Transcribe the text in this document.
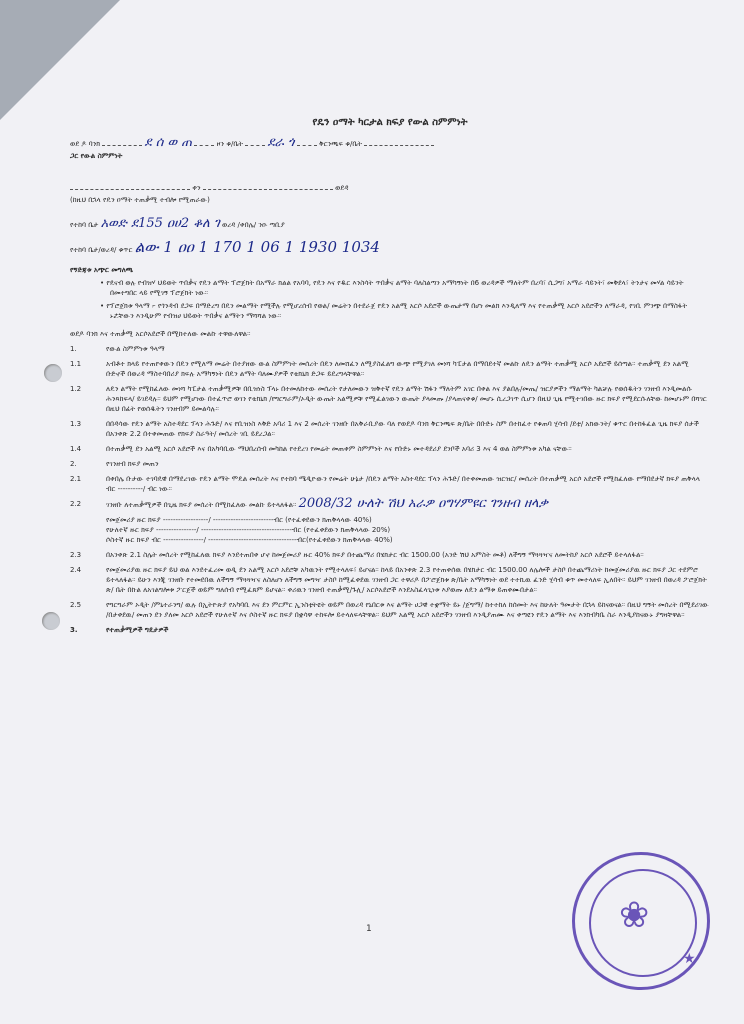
የዴን ዐማት ካርታል ክፍያ የውል ስምምነት
ወደ ዶ ባንክ	ደ ሰ ወ ጠ	ዞን ቁ/ቤት ደራ ጎ	ቅርንጫፍ ቁ/ቤት
ጋር የውል ስምምነት
ቀን	ወደዳ
(ከዚህ በኋላ የዴን ዐማት ተጠቃሚ ተብሎ የሚጠራው)
የተከባ ቤታ አወድ ደ155 ዐሀ2 ቆለ ገ ወረዳ /ቀበሌ/ ንዑ ጣቢያ
የተከባ ቤታ/ወረዳ/ ቁጥር ልው 1 ዐዐ 1 170 1 06 1 1930 1034
የኝድጃቱ አጭር መግለጫ
• የዴናብ ወሉ የብዝሃ ህይወት ጥበቃና የዴን ልማት ፕሮጀክት በአማራ ክልል የአባባ, የዴን እና የዱር እንስሳት ጥበቃና ልማት ባለስልጣን አማካኝነት በ6 ወረዳዎች ማለትም በረባ፣ ሲጋግ፣ አማራ ሳይንት፣ መቅደላ፣ ትንታና መሃል ሳይንት በመተግበር ላይ የሚገኝ ፕሮጀክት ነው።
• የፕሮጀክቱ ዓላማ ፦ የጎንዳብ ደጋፍ በማድረግ በዴን መልማት የሚችሉ የሚሆረሰብ የወል/ መሬትን በተደራጀ የዴን አልሚ አርሶ አደሮች ውጤታማ በሆነ መልክ እንዲለማ እና የተጠቃሚ አርሶ አደሮችን ለማራዳ, የገቢ ምንጭ በማስፋት ኑሯቸውን እንዲሁም የብዝሀ ህይወት ጥበቃና ልማትን ማሻሻል ነው።
ወደዶ ባንክ እና ተጠቃሚ አርሶአደሮች በሚከተለው መልኩ ተዋውለዋል።
1.	የውል ስምምነቱ ዓላማ
1.1	አብቶተ ክላይ የተጠየቀውን በዴን የሚለማ መሬት በተያዘው ውል ስምምነት መሰረት በዴን ለመሸፈን ለሚያስፈልግ ውጭ የሚያገለ መነሻ ካፒታል በማበደተኛ መልኩ ለዴን ልማት ተጠቃሚ አርሶ አደሮች ይሰጣል። ተጠቃሚ ደን አልሚ ቡድኖች በወረዳ ማስተባበሪያ ክፍሉ አማካኝነት በዴን ልማት ባለሙያዎች የቴክኒክ ድጋፍ ይደረግላቸዋል።
1.2	ለዴን ልማት የሚከፈለው መነሻ ካፒታል ተጠቃሚዎቹ በቢዝነስ ፕላኑ በተመለከተው መሰረት የታለመውን ዝቅተኛ የዴን ልማት ሽፋን ማለትም አገር በቀል እና ያልበሉ/መጤ/ ዝርያዎችን ማልማት ካልቻሉ የወሰዱትን ገንዘብ እንዲመልሱ ሕንጻከፍላ/ ይገደዳሉ። ይህም የሚሆነው በተፈጥሮ ወገን የቴክኒክ /የግርግራም/ኦዲት ውጤት አልሚዎቹ የሚፈልገውን ውጤት ያላመጡ /ያላጠናቀቁ/ መሆኑ ሲረጋገጥ ሲሆን በዚህ ጊዜ የሚተገበው ዙር ክፍያ የሚደርሱለቸው ከመሆኑም በሻገር በዚህ በፊት የወሰዱትን ገንዘብም ይመልሳሉ።
1.3	በበዳሳው የዴን ልማት አስተዳደር ፕላን ሕጉድ/ እና የቢዝነስ እቅድ አባሪ 1 እና 2 መሰረት ገንዘቡ በአቅራቢያው ባለ የወደዶ ባንክ ቅርንጫፍ ጽ/ቤት በቡድኑ ስም በተከፈተ የቁጠባ ሂሳብ /ደቲ/ አክውንት/ ቁጥር በተከፋፈል ጊዜ ክፍያ ሰታች በአንቀጽ 2.2 በተቀመጠው የክፍያ ስራዓት/ መሰረት ገቢ ይደረጋል።
1.4	በተጠቃሚ ደን አልሚ አርሶ አደሮች እና በአካባቢው ማህበረሰብ መካከል የተደረገ የመሬት መጠቀም ስምምነት እና የቡድኑ መተዳደሪያ ደንቦች አባሪ 3 እና 4 ወል ስምምነቱ አካል ናቸው።
2.	የገንዘብ ክፍያ መጠን
2.1	በቀበሌ ቡታው ተገባዴዊ በማደረገው የዴን ልማት ሞዴል መሰረት እና የተከባ ሜዲዮውን የመሬት ሁኔታ /በዴን ልማት አስተዳደር ፕላን ሕጉድ/ በተቀመጠው ዝርዝር/ መሰረት በተጠቃሚ አርሶ አደሮች የሚከፈለው የማበደታኛ ክፍያ ጠቅላላ ብር ----------/ ብር ነው።
2.2	ገንዘቡ ለተጠቃሚዎች በጊዜ ክፍያ መሰረት በሚከፈለው መልኩ ይተላለፋል። 2008/32 ሁለት ሽህ አራዎ ዐግሃምዩር ገንዘብ ዘላቃ
የመጀመሪያ ዙር ክፍያ ------------------/ ------------------------ብር (የተፈቀደውን ክጠቅላላው 40%)
የሁለተኛ ዙር ክፍያ ----------------/ ------------------------------------ብር (የተፈቀደውን ክጠቅላላው 20%)
ሶስተኛ ዙር ክፍያ ብር ----------------/ -----------------------------------ብር(የተፈቀደውን ክጠቅላላው 40%)
2.3	በአንቀጽ 2.1 ስሌት መሰረት የሚከፈለዉ ክፍያ እንደተጠበቀ ሆኖ ከመጀመሪያ ዙር 40% ክፍያ በተጨማሪ በሄክታር ብር 1500.00 (አንድ ሽህ አምስት መቶ) ለችግኝ ማጓጓዣና ለመትከያ አርሶ አደሮች ይተላለፋል።
2.4	የመጀመሪያዉ ዙር ክፍያ ይህ ወል እንደተፈረመ ወዲ ደን አልሚ አርሶ አደሮቹ አካዉንት የሚተላለፍ፣ ይሆናል። ከላይ በአንቀጽ 2.3 የተጠቀሰዉ በሄክታር ብር 1500.00 ለሌሎች ታስቦ በተጨማሪነት ከመጀመሪያዉ ዙር ክፍያ ጋር ተደምሮ ይተላለፋል። ይሁን እንጂ ገንዘቡ የተመደበዉ ለችግኝ ማጓጓዣና ለስለሆነ ለችግኝ መግዣ ታስቦ ከሚፈቀደዉ ገንዘብ ጋር ተዋሪዶ በፖሮጀክቱ ጽ/ቤት አማካኝነት ወደ ተተኪዉ ፈንድ ሂሳብ ቁጥ መተላለፍ ኢለበት። ይህም ገንዘብ በወረዳ ፖሮጀክት ጽ/ ቤት በኩል ለአገልግሎቱ ፖርጀች ወይም ግለሰብ የሚፈጸም ይሆናል። ቀሪዉን ገንዘብ ተጠቃሚ/ጉሊ/ አርሶአደሮች እንደአስፈላጊነቱ እያወጡ ለዴን ልማቱ ይጠቀሙበታል።
2.5	የግርግራም ኦዲት /ምኒተራንግ/ ዉሉ በኢትዮጵያ የአካባቢ እና ደን ምርምር ኢንስቲትዩት ወይም በወረዳ የኒበርቱ እና ልማት ሀጋዊ ተቋማት ይኑ /ጀግማ/ ከተተከለ ከሰመት እና ከሁለት ዓመታት በኋላ ይከናወናል። በዚህ ግኝት መሰረት በሚደሪገው /በታቀደዉ/ መጠን ደን ያለመ አርሶ አደሮች የሁለተኛ እና ሶስተኛ ዙር ክፍያ በቋሳዋ ተከፍሎ ይተላለፍላቸዋል። ይህም አልሚ አርሶ አደሮችን ገንዘብ እንዲያጠሙ እና ቀጣዩን የዴን ልማት እና እንክብካቤ ስራ እንዲያከናውኑ ያግዛቸዋል።
3.	የተጠቃሚዎች ግዴታዎች
1	❀
★
